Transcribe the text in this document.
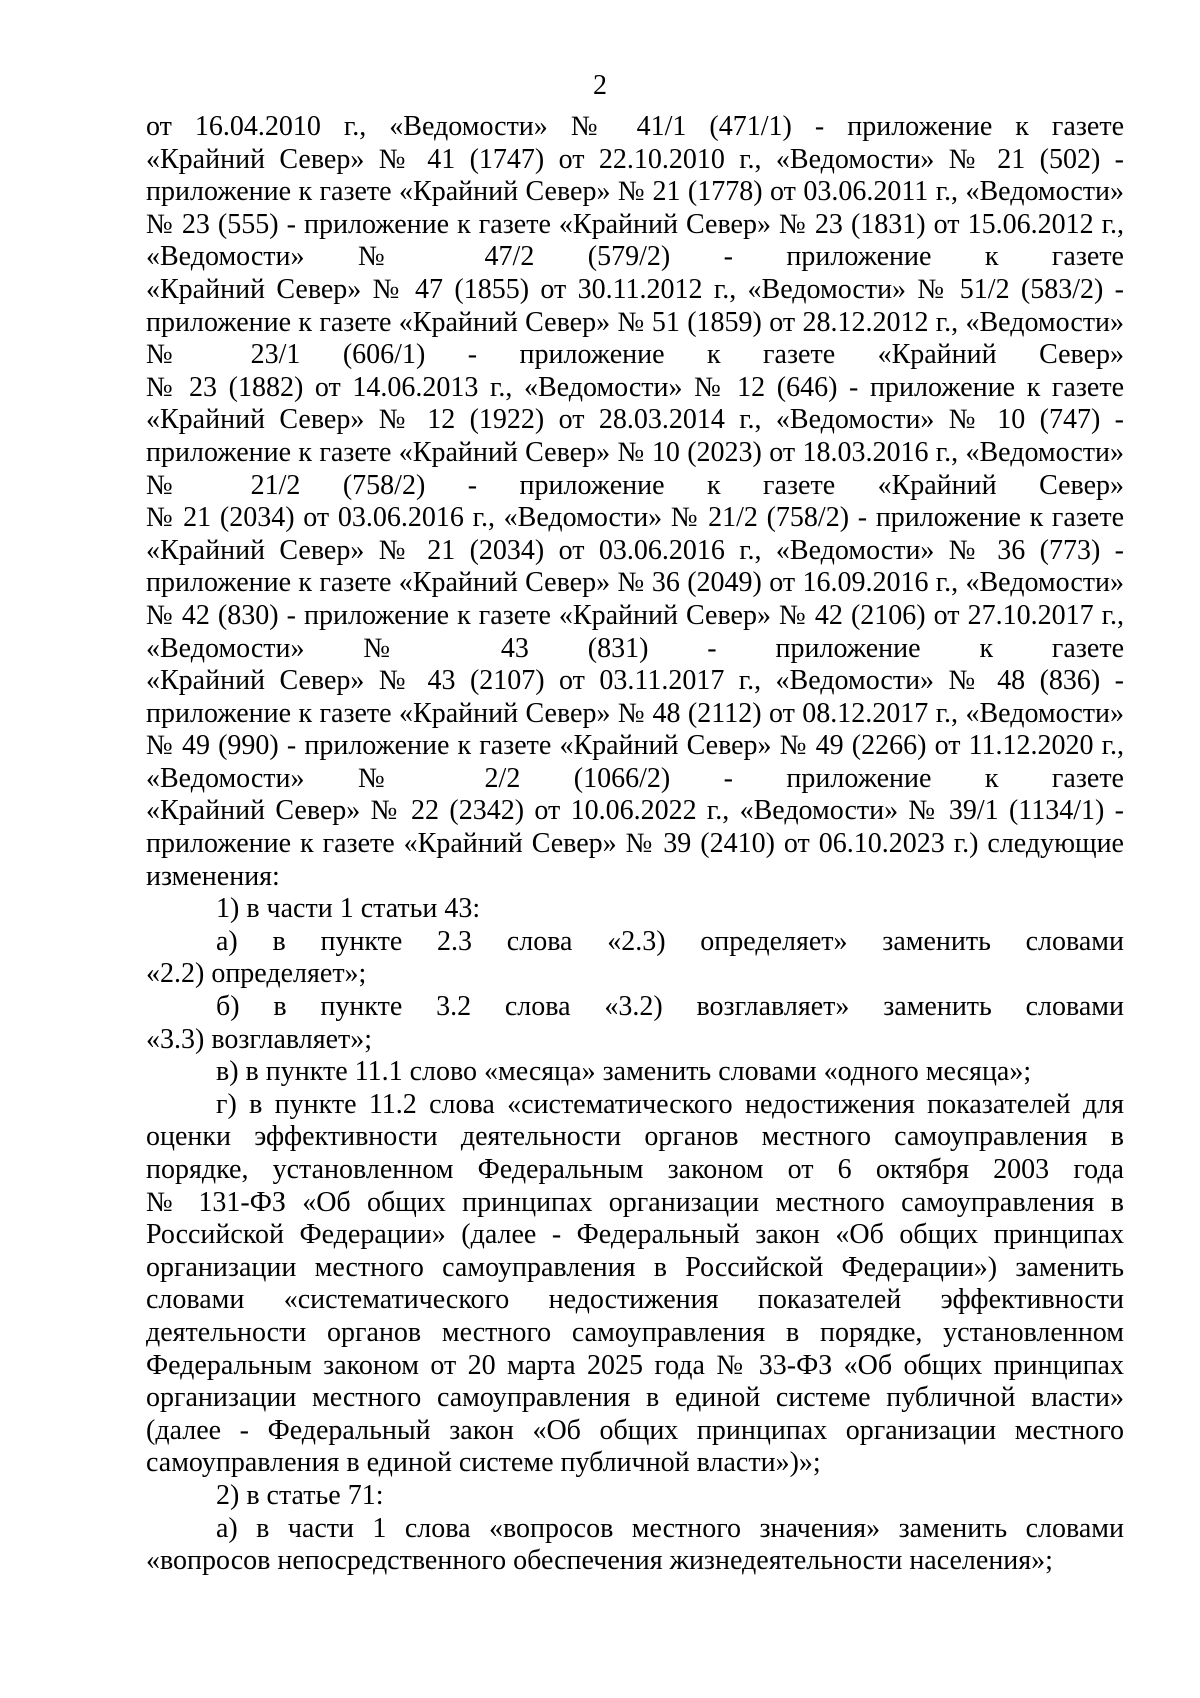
2
от 16.04.2010 г., «Ведомости» № 41/1 (471/1) - приложение к газете
«Крайний Север» № 41 (1747) от 22.10.2010 г., «Ведомости» № 21 (502) -
приложение к газете «Крайний Север» № 21 (1778) от 03.06.2011 г., «Ведомости»
№ 23 (555) - приложение к газете «Крайний Север» № 23 (1831) от 15.06.2012 г.,
«Ведомости» № 47/2 (579/2) - приложение к газете
«Крайний Север» № 47 (1855) от 30.11.2012 г., «Ведомости» № 51/2 (583/2) -
приложение к газете «Крайний Север» № 51 (1859) от 28.12.2012 г., «Ведомости»
№ 23/1 (606/1) - приложение к газете «Крайний Север»
№ 23 (1882) от 14.06.2013 г., «Ведомости» № 12 (646) - приложение к газете
«Крайний Север» № 12 (1922) от 28.03.2014 г., «Ведомости» № 10 (747) -
приложение к газете «Крайний Север» № 10 (2023) от 18.03.2016 г., «Ведомости»
№ 21/2 (758/2) - приложение к газете «Крайний Север»
№ 21 (2034) от 03.06.2016 г., «Ведомости» № 21/2 (758/2) - приложение к газете
«Крайний Север» № 21 (2034) от 03.06.2016 г., «Ведомости» № 36 (773) -
приложение к газете «Крайний Север» № 36 (2049) от 16.09.2016 г., «Ведомости»
№ 42 (830) - приложение к газете «Крайний Север» № 42 (2106) от 27.10.2017 г.,
«Ведомости» № 43 (831) - приложение к газете
«Крайний Север» № 43 (2107) от 03.11.2017 г., «Ведомости» № 48 (836) -
приложение к газете «Крайний Север» № 48 (2112) от 08.12.2017 г., «Ведомости»
№ 49 (990) - приложение к газете «Крайний Север» № 49 (2266) от 11.12.2020 г.,
«Ведомости» № 2/2 (1066/2) - приложение к газете
«Крайний Север» № 22 (2342) от 10.06.2022 г., «Ведомости» № 39/1 (1134/1) -
приложение к газете «Крайний Север» № 39 (2410) от 06.10.2023 г.) следующие
изменения:
1) в части 1 статьи 43:
а) в пункте 2.3 слова «2.3) определяет» заменить словами
«2.2) определяет»;
б) в пункте 3.2 слова «3.2) возглавляет» заменить словами
«3.3) возглавляет»;
в) в пункте 11.1 слово «месяца» заменить словами «одного месяца»;
г) в пункте 11.2 слова «систематического недостижения показателей для
оценки эффективности деятельности органов местного самоуправления в
порядке, установленном Федеральным законом от 6 октября 2003 года
№ 131-ФЗ «Об общих принципах организации местного самоуправления в
Российской Федерации» (далее - Федеральный закон «Об общих принципах
организации местного самоуправления в Российской Федерации») заменить
словами «систематического недостижения показателей эффективности
деятельности органов местного самоуправления в порядке, установленном
Федеральным законом от 20 марта 2025 года № 33-ФЗ «Об общих принципах
организации местного самоуправления в единой системе публичной власти»
(далее - Федеральный закон «Об общих принципах организации местного
самоуправления в единой системе публичной власти»)»;
2) в статье 71:
а) в части 1 слова «вопросов местного значения» заменить словами
«вопросов непосредственного обеспечения жизнедеятельности населения»;
